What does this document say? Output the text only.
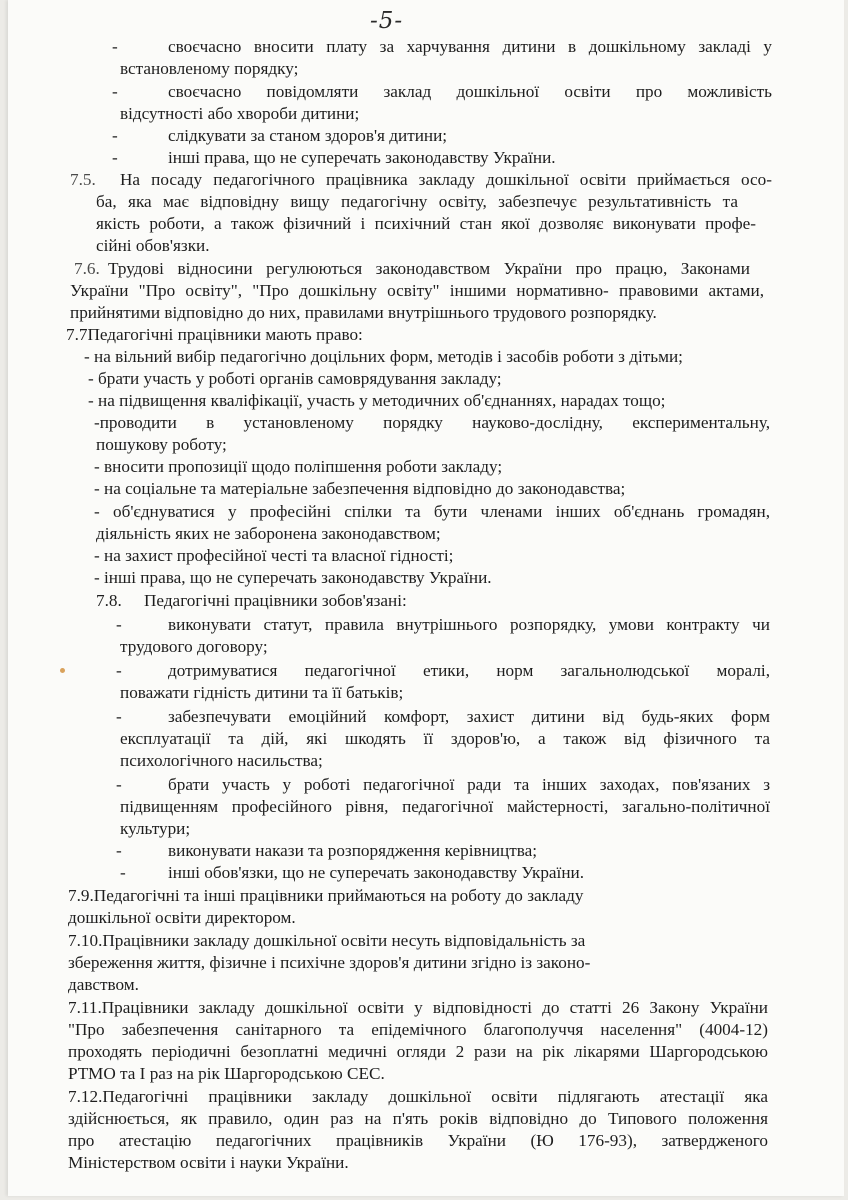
-5-
-	своєчасно вносити плату за харчування дитини в дошкільному закладі у
встановленому порядку;
-	своєчасно повідомляти заклад дошкільної освіти про можливість
відсутності або хвороби дитини;
-	слідкувати за станом здоров'я дитини;
-	інші права, що не суперечать законодавству України.
7.5. На посаду педагогічного працівника закладу дошкільної освіти приймається осо-
ба, яка має відповідну вищу педагогічну освіту, забезпечує результативність та
якість роботи, а також фізичний і психічний стан якої дозволяє виконувати профе-
сійні обов'язки.
7.6. Трудові відносини регулюються законодавством України про працю, Законами
України "Про освіту", "Про дошкільну освіту" іншими нормативно- правовими актами,
прийнятими відповідно до них, правилами внутрішнього трудового розпорядку.
7.7Педагогічні працівники мають право:
- на вільний вибір педагогічно доцільних форм, методів і засобів роботи з дітьми;
- брати участь у роботі органів самоврядування закладу;
- на підвищення кваліфікації, участь у методичних об'єднаннях, нарадах тощо;
-проводити в установленому порядку науково-дослідну, експериментальну,
пошукову роботу;
- вносити пропозиції щодо поліпшення роботи закладу;
- на соціальне та матеріальне забезпечення відповідно до законодавства;
- об'єднуватися у професійні спілки та бути членами інших об'єднань громадян,
діяльність яких не заборонена законодавством;
- на захист професійної честі та власної гідності;
- інші права, що не суперечать законодавству України.
7.8. Педагогічні працівники зобов'язані:
-	виконувати статут, правила внутрішнього розпорядку, умови контракту чи
трудового договору;
-	дотримуватися педагогічної етики, норм загальнолюдської моралі,
поважати гідність дитини та її батьків;
-	забезпечувати емоційний комфорт, захист дитини від будь-яких форм
експлуатації та дій, які шкодять її здоров'ю, а також від фізичного та
психологічного насильства;
-	брати участь у роботі педагогічної ради та інших заходах, пов'язаних з
підвищенням професійного рівня, педагогічної майстерності, загально-політичної
культури;
-	виконувати накази та розпорядження керівництва;
- інші обов'язки, що не суперечать законодавству України.
7.9.Педагогічні та інші працівники приймаються на роботу до закладу
дошкільної освіти директором.
7.10.Працівники закладу дошкільної освіти несуть відповідальність за
збереження життя, фізичне і психічне здоров'я дитини згідно із законо-
давством.
7.11.Працівники закладу дошкільної освіти у відповідності до статті 26 Закону України
"Про забезпечення санітарного та епідемічного благополуччя населення" (4004-12)
проходять періодичні безоплатні медичні огляди 2 рази на рік лікарями Шаргородською
РТМО та І раз на рік Шаргородською СЕС.
7.12.Педагогічні працівники закладу дошкільної освіти підлягають атестації яка
здійснюється, як правило, один раз на п'ять років відповідно до Типового положення
про атестацію педагогічних працівників України (Ю 176-93), затвердженого
Міністерством освіти і науки України.
